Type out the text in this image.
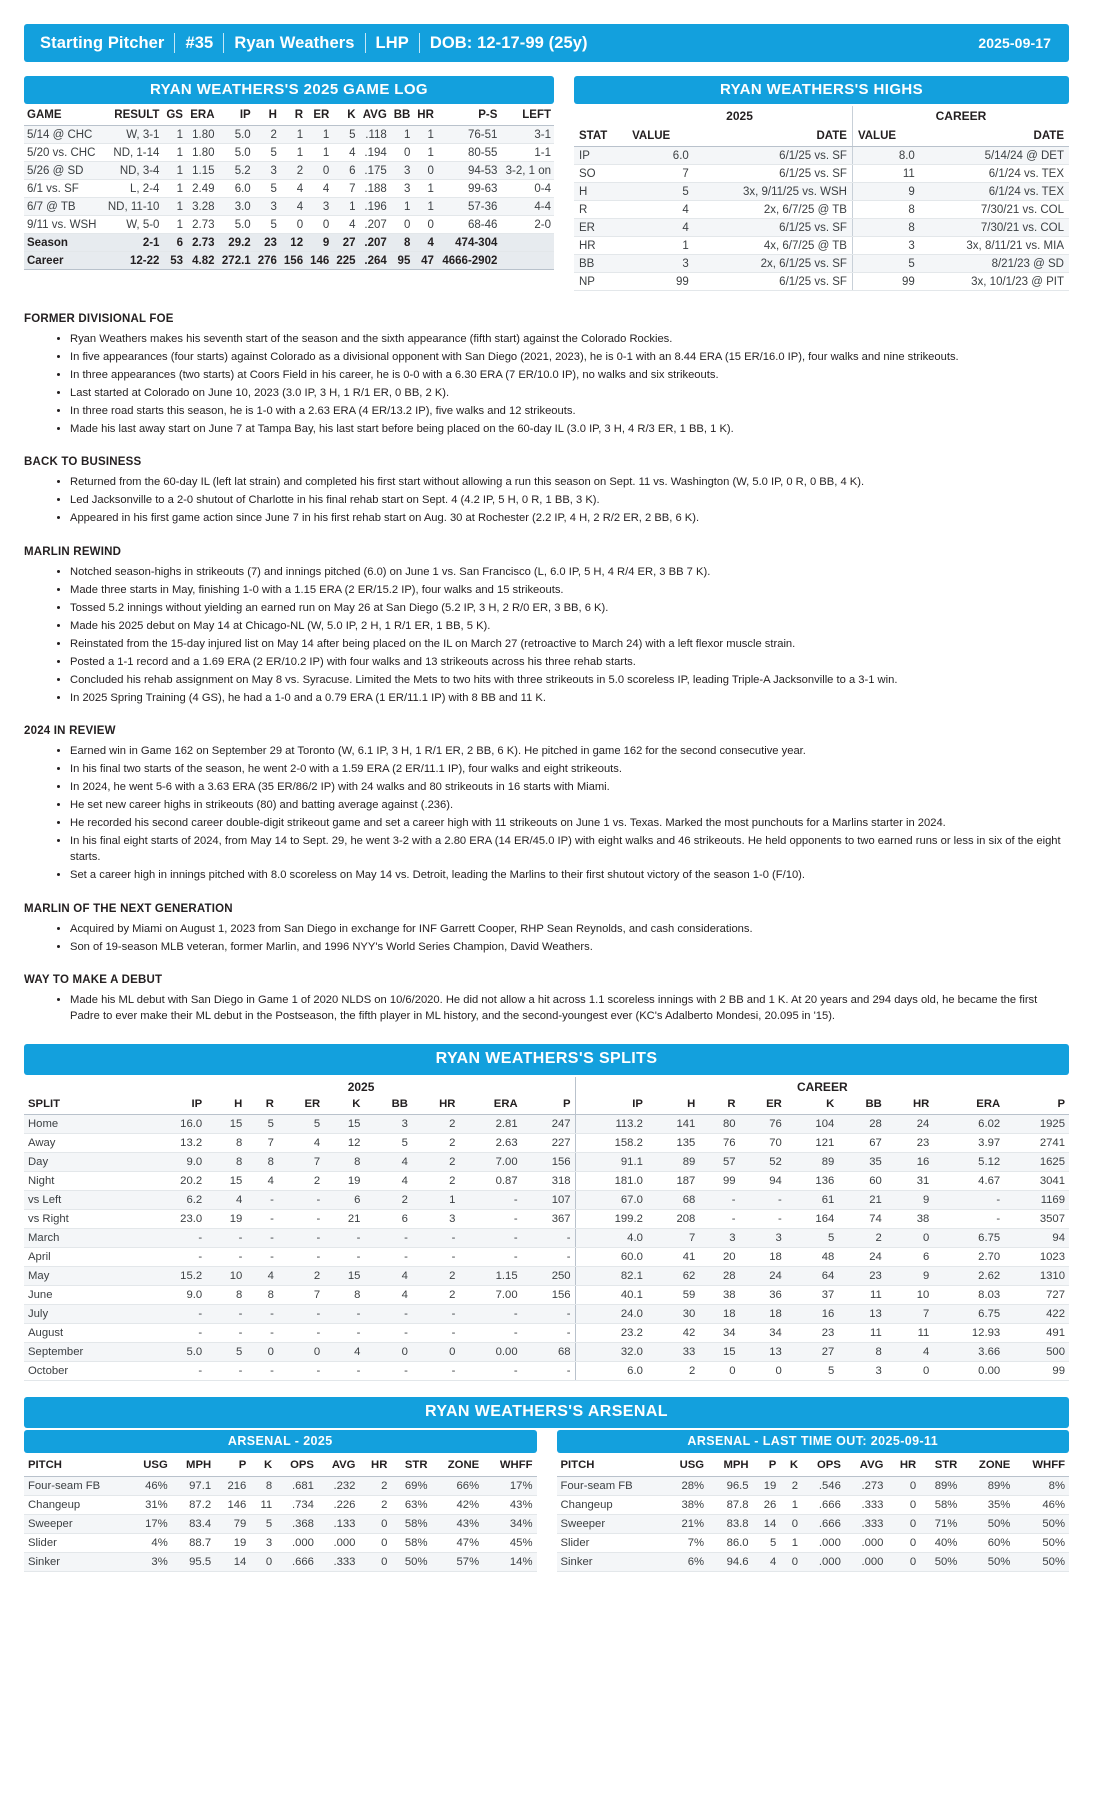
Starting Pitcher	#35	Ryan Weathers	LHP	DOB: 12-17-99 (25y)	2025-09-17
RYAN WEATHERS'S 2025 GAME LOG
GAME	RESULT	GS	ERA	IP	H	R	ER	K	AVG	BB	HR	P-S	LEFT
5/14 @ CHC	W, 3-1	1	1.80	5.0	2	1	1	5	.118	1	1	76-51	3-1
5/20 vs. CHC	ND, 1-14	1	1.80	5.0	5	1	1	4	.194	0	1	80-55	1-1
5/26 @ SD	ND, 3-4	1	1.15	5.2	3	2	0	6	.175	3	0	94-53	3-2, 1 on
6/1 vs. SF	L, 2-4	1	2.49	6.0	5	4	4	7	.188	3	1	99-63	0-4
6/7 @ TB	ND, 11-10	1	3.28	3.0	3	4	3	1	.196	1	1	57-36	4-4
9/11 vs. WSH	W, 5-0	1	2.73	5.0	5	0	0	4	.207	0	0	68-46	2-0
Season	2-1	6	2.73	29.2	23	12	9	27	.207	8	4	474-304	
Career	12-22	53	4.82	272.1	276	156	146	225	.264	95	47	4666-2902	
RYAN WEATHERS'S HIGHS
	2025		CAREER	
STAT	VALUE	DATE	VALUE	DATE
IP	6.0	6/1/25 vs. SF	8.0	5/14/24 @ DET
SO	7	6/1/25 vs. SF	11	6/1/24 vs. TEX
H	5	3x, 9/11/25 vs. WSH	9	6/1/24 vs. TEX
R	4	2x, 6/7/25 @ TB	8	7/30/21 vs. COL
ER	4	6/1/25 vs. SF	8	7/30/21 vs. COL
HR	1	4x, 6/7/25 @ TB	3	3x, 8/11/21 vs. MIA
BB	3	2x, 6/1/25 vs. SF	5	8/21/23 @ SD
NP	99	6/1/25 vs. SF	99	3x, 10/1/23 @ PIT
FORMER DIVISIONAL FOE
• Ryan Weathers makes his seventh start of the season and the sixth appearance (fifth start) against the Colorado Rockies.
• In five appearances (four starts) against Colorado as a divisional opponent with San Diego (2021, 2023), he is 0-1 with an 8.44 ERA (15 ER/16.0 IP), four walks and nine strikeouts.
• In three appearances (two starts) at Coors Field in his career, he is 0-0 with a 6.30 ERA (7 ER/10.0 IP), no walks and six strikeouts.
• Last started at Colorado on June 10, 2023 (3.0 IP, 3 H, 1 R/1 ER, 0 BB, 2 K).
• In three road starts this season, he is 1-0 with a 2.63 ERA (4 ER/13.2 IP), five walks and 12 strikeouts.
• Made his last away start on June 7 at Tampa Bay, his last start before being placed on the 60-day IL (3.0 IP, 3 H, 4 R/3 ER, 1 BB, 1 K).
BACK TO BUSINESS
• Returned from the 60-day IL (left lat strain) and completed his first start without allowing a run this season on Sept. 11 vs. Washington (W, 5.0 IP, 0 R, 0 BB, 4 K).
• Led Jacksonville to a 2-0 shutout of Charlotte in his final rehab start on Sept. 4 (4.2 IP, 5 H, 0 R, 1 BB, 3 K).
• Appeared in his first game action since June 7 in his first rehab start on Aug. 30 at Rochester (2.2 IP, 4 H, 2 R/2 ER, 2 BB, 6 K).
MARLIN REWIND
• Notched season-highs in strikeouts (7) and innings pitched (6.0) on June 1 vs. San Francisco (L, 6.0 IP, 5 H, 4 R/4 ER, 3 BB 7 K).
• Made three starts in May, finishing 1-0 with a 1.15 ERA (2 ER/15.2 IP), four walks and 15 strikeouts.
• Tossed 5.2 innings without yielding an earned run on May 26 at San Diego (5.2 IP, 3 H, 2 R/0 ER, 3 BB, 6 K).
• Made his 2025 debut on May 14 at Chicago-NL (W, 5.0 IP, 2 H, 1 R/1 ER, 1 BB, 5 K).
• Reinstated from the 15-day injured list on May 14 after being placed on the IL on March 27 (retroactive to March 24) with a left flexor muscle strain.
• Posted a 1-1 record and a 1.69 ERA (2 ER/10.2 IP) with four walks and 13 strikeouts across his three rehab starts.
• Concluded his rehab assignment on May 8 vs. Syracuse. Limited the Mets to two hits with three strikeouts in 5.0 scoreless IP, leading Triple-A Jacksonville to a 3-1 win.
• In 2025 Spring Training (4 GS), he had a 1-0 and a 0.79 ERA (1 ER/11.1 IP) with 8 BB and 11 K.
2024 IN REVIEW
• Earned win in Game 162 on September 29 at Toronto (W, 6.1 IP, 3 H, 1 R/1 ER, 2 BB, 6 K). He pitched in game 162 for the second consecutive year.
• In his final two starts of the season, he went 2-0 with a 1.59 ERA (2 ER/11.1 IP), four walks and eight strikeouts.
• In 2024, he went 5-6 with a 3.63 ERA (35 ER/86/2 IP) with 24 walks and 80 strikeouts in 16 starts with Miami.
• He set new career highs in strikeouts (80) and batting average against (.236).
• He recorded his second career double-digit strikeout game and set a career high with 11 strikeouts on June 1 vs. Texas. Marked the most punchouts for a Marlins starter in 2024.
• In his final eight starts of 2024, from May 14 to Sept. 29, he went 3-2 with a 2.80 ERA (14 ER/45.0 IP) with eight walks and 46 strikeouts. He held opponents to two earned runs or less in six of the eight starts.
• Set a career high in innings pitched with 8.0 scoreless on May 14 vs. Detroit, leading the Marlins to their first shutout victory of the season 1-0 (F/10).
MARLIN OF THE NEXT GENERATION
• Acquired by Miami on August 1, 2023 from San Diego in exchange for INF Garrett Cooper, RHP Sean Reynolds, and cash considerations.
• Son of 19-season MLB veteran, former Marlin, and 1996 NYY's World Series Champion, David Weathers.
WAY TO MAKE A DEBUT
• Made his ML debut with San Diego in Game 1 of 2020 NLDS on 10/6/2020. He did not allow a hit across 1.1 scoreless innings with 2 BB and 1 K. At 20 years and 294 days old, he became the first Padre to ever make their ML debut in the Postseason, the fifth player in ML history, and the second-youngest ever (KC's Adalberto Mondesi, 20.095 in '15).
RYAN WEATHERS'S SPLITS
	2025									CAREER								
SPLIT	IP	H	R	ER	K	BB	HR	ERA	P	IP	H	R	ER	K	BB	HR	ERA	P
Home	16.0	15	5	5	15	3	2	2.81	247	113.2	141	80	76	104	28	24	6.02	1925
Away	13.2	8	7	4	12	5	2	2.63	227	158.2	135	76	70	121	67	23	3.97	2741
Day	9.0	8	8	7	8	4	2	7.00	156	91.1	89	57	52	89	35	16	5.12	1625
Night	20.2	15	4	2	19	4	2	0.87	318	181.0	187	99	94	136	60	31	4.67	3041
vs Left	6.2	4	-	-	6	2	1	-	107	67.0	68	-	-	61	21	9	-	1169
vs Right	23.0	19	-	-	21	6	3	-	367	199.2	208	-	-	164	74	38	-	3507
March	-	-	-	-	-	-	-	-	-	4.0	7	3	3	5	2	0	6.75	94
April	-	-	-	-	-	-	-	-	-	60.0	41	20	18	48	24	6	2.70	1023
May	15.2	10	4	2	15	4	2	1.15	250	82.1	62	28	24	64	23	9	2.62	1310
June	9.0	8	8	7	8	4	2	7.00	156	40.1	59	38	36	37	11	10	8.03	727
July	-	-	-	-	-	-	-	-	-	24.0	30	18	18	16	13	7	6.75	422
August	-	-	-	-	-	-	-	-	-	23.2	42	34	34	23	11	11	12.93	491
September	5.0	5	0	0	4	0	0	0.00	68	32.0	33	15	13	27	8	4	3.66	500
October	-	-	-	-	-	-	-	-	-	6.0	2	0	0	5	3	0	0.00	99
RYAN WEATHERS'S ARSENAL
ARSENAL - 2025
PITCH	USG	MPH	P	K	OPS	AVG	HR	STR	ZONE	WHFF
Four-seam FB	46%	97.1	216	8	.681	.232	2	69%	66%	17%
Changeup	31%	87.2	146	11	.734	.226	2	63%	42%	43%
Sweeper	17%	83.4	79	5	.368	.133	0	58%	43%	34%
Slider	4%	88.7	19	3	.000	.000	0	58%	47%	45%
Sinker	3%	95.5	14	0	.666	.333	0	50%	57%	14%
ARSENAL - LAST TIME OUT: 2025-09-11
PITCH	USG	MPH	P	K	OPS	AVG	HR	STR	ZONE	WHFF
Four-seam FB	28%	96.5	19	2	.546	.273	0	89%	89%	8%
Changeup	38%	87.8	26	1	.666	.333	0	58%	35%	46%
Sweeper	21%	83.8	14	0	.666	.333	0	71%	50%	50%
Slider	7%	86.0	5	1	.000	.000	0	40%	60%	50%
Sinker	6%	94.6	4	0	.000	.000	0	50%	50%	50%
